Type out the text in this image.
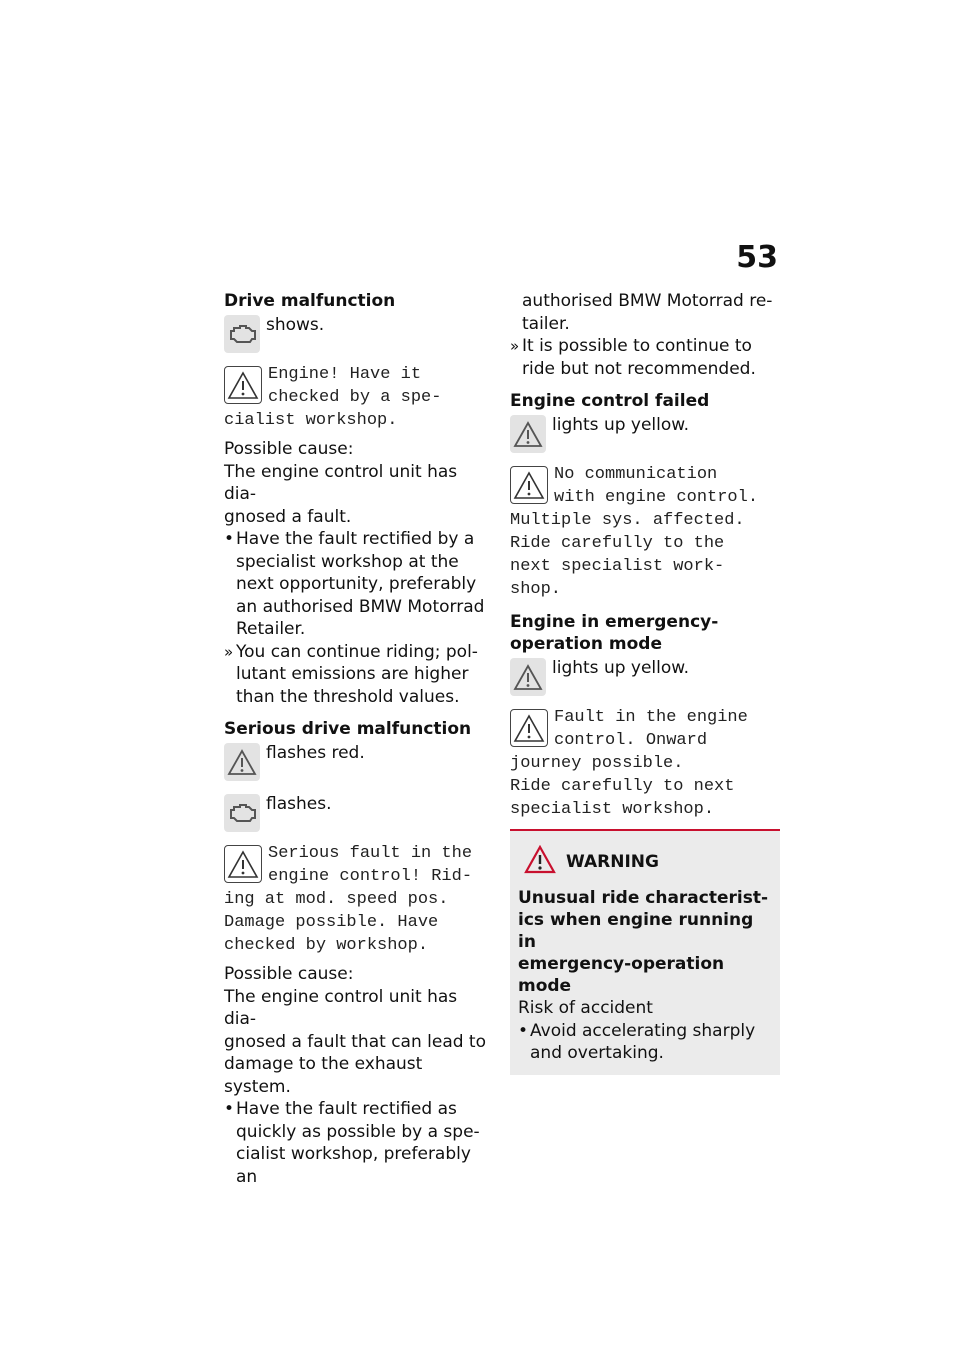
53

Drive malfunction

shows.
Engine! Have it
checked by a spe-
cialist workshop.
Possible cause:
The engine control unit has dia-
gnosed a fault.
• Have the fault rectified by a
specialist workshop at the
next opportunity, preferably
an authorised BMW Motorrad
Retailer.
» You can continue riding; pol-
lutant emissions are higher
than the threshold values.

Serious drive malfunction

flashes red.
flashes.
Serious fault in the
engine control! Rid-
ing at mod. speed pos.
Damage possible. Have
checked by workshop.
Possible cause:
The engine control unit has dia-
gnosed a fault that can lead to
damage to the exhaust system.
• Have the fault rectified as
quickly as possible by a spe-
cialist workshop, preferably an
authorised BMW Motorrad re-
tailer.
» It is possible to continue to
ride but not recommended.

Engine control failed

lights up yellow.
No communication
with engine control.
Multiple sys. affected.
Ride carefully to the
next specialist work-
shop.

Engine in emergency-
operation mode

lights up yellow.
Fault in the engine
control. Onward
journey possible.
Ride carefully to next
specialist workshop.
WARNING
Unusual ride characterist-
ics when engine running in
emergency-operation mode
Risk of accident
• Avoid accelerating sharply
and overtaking.
